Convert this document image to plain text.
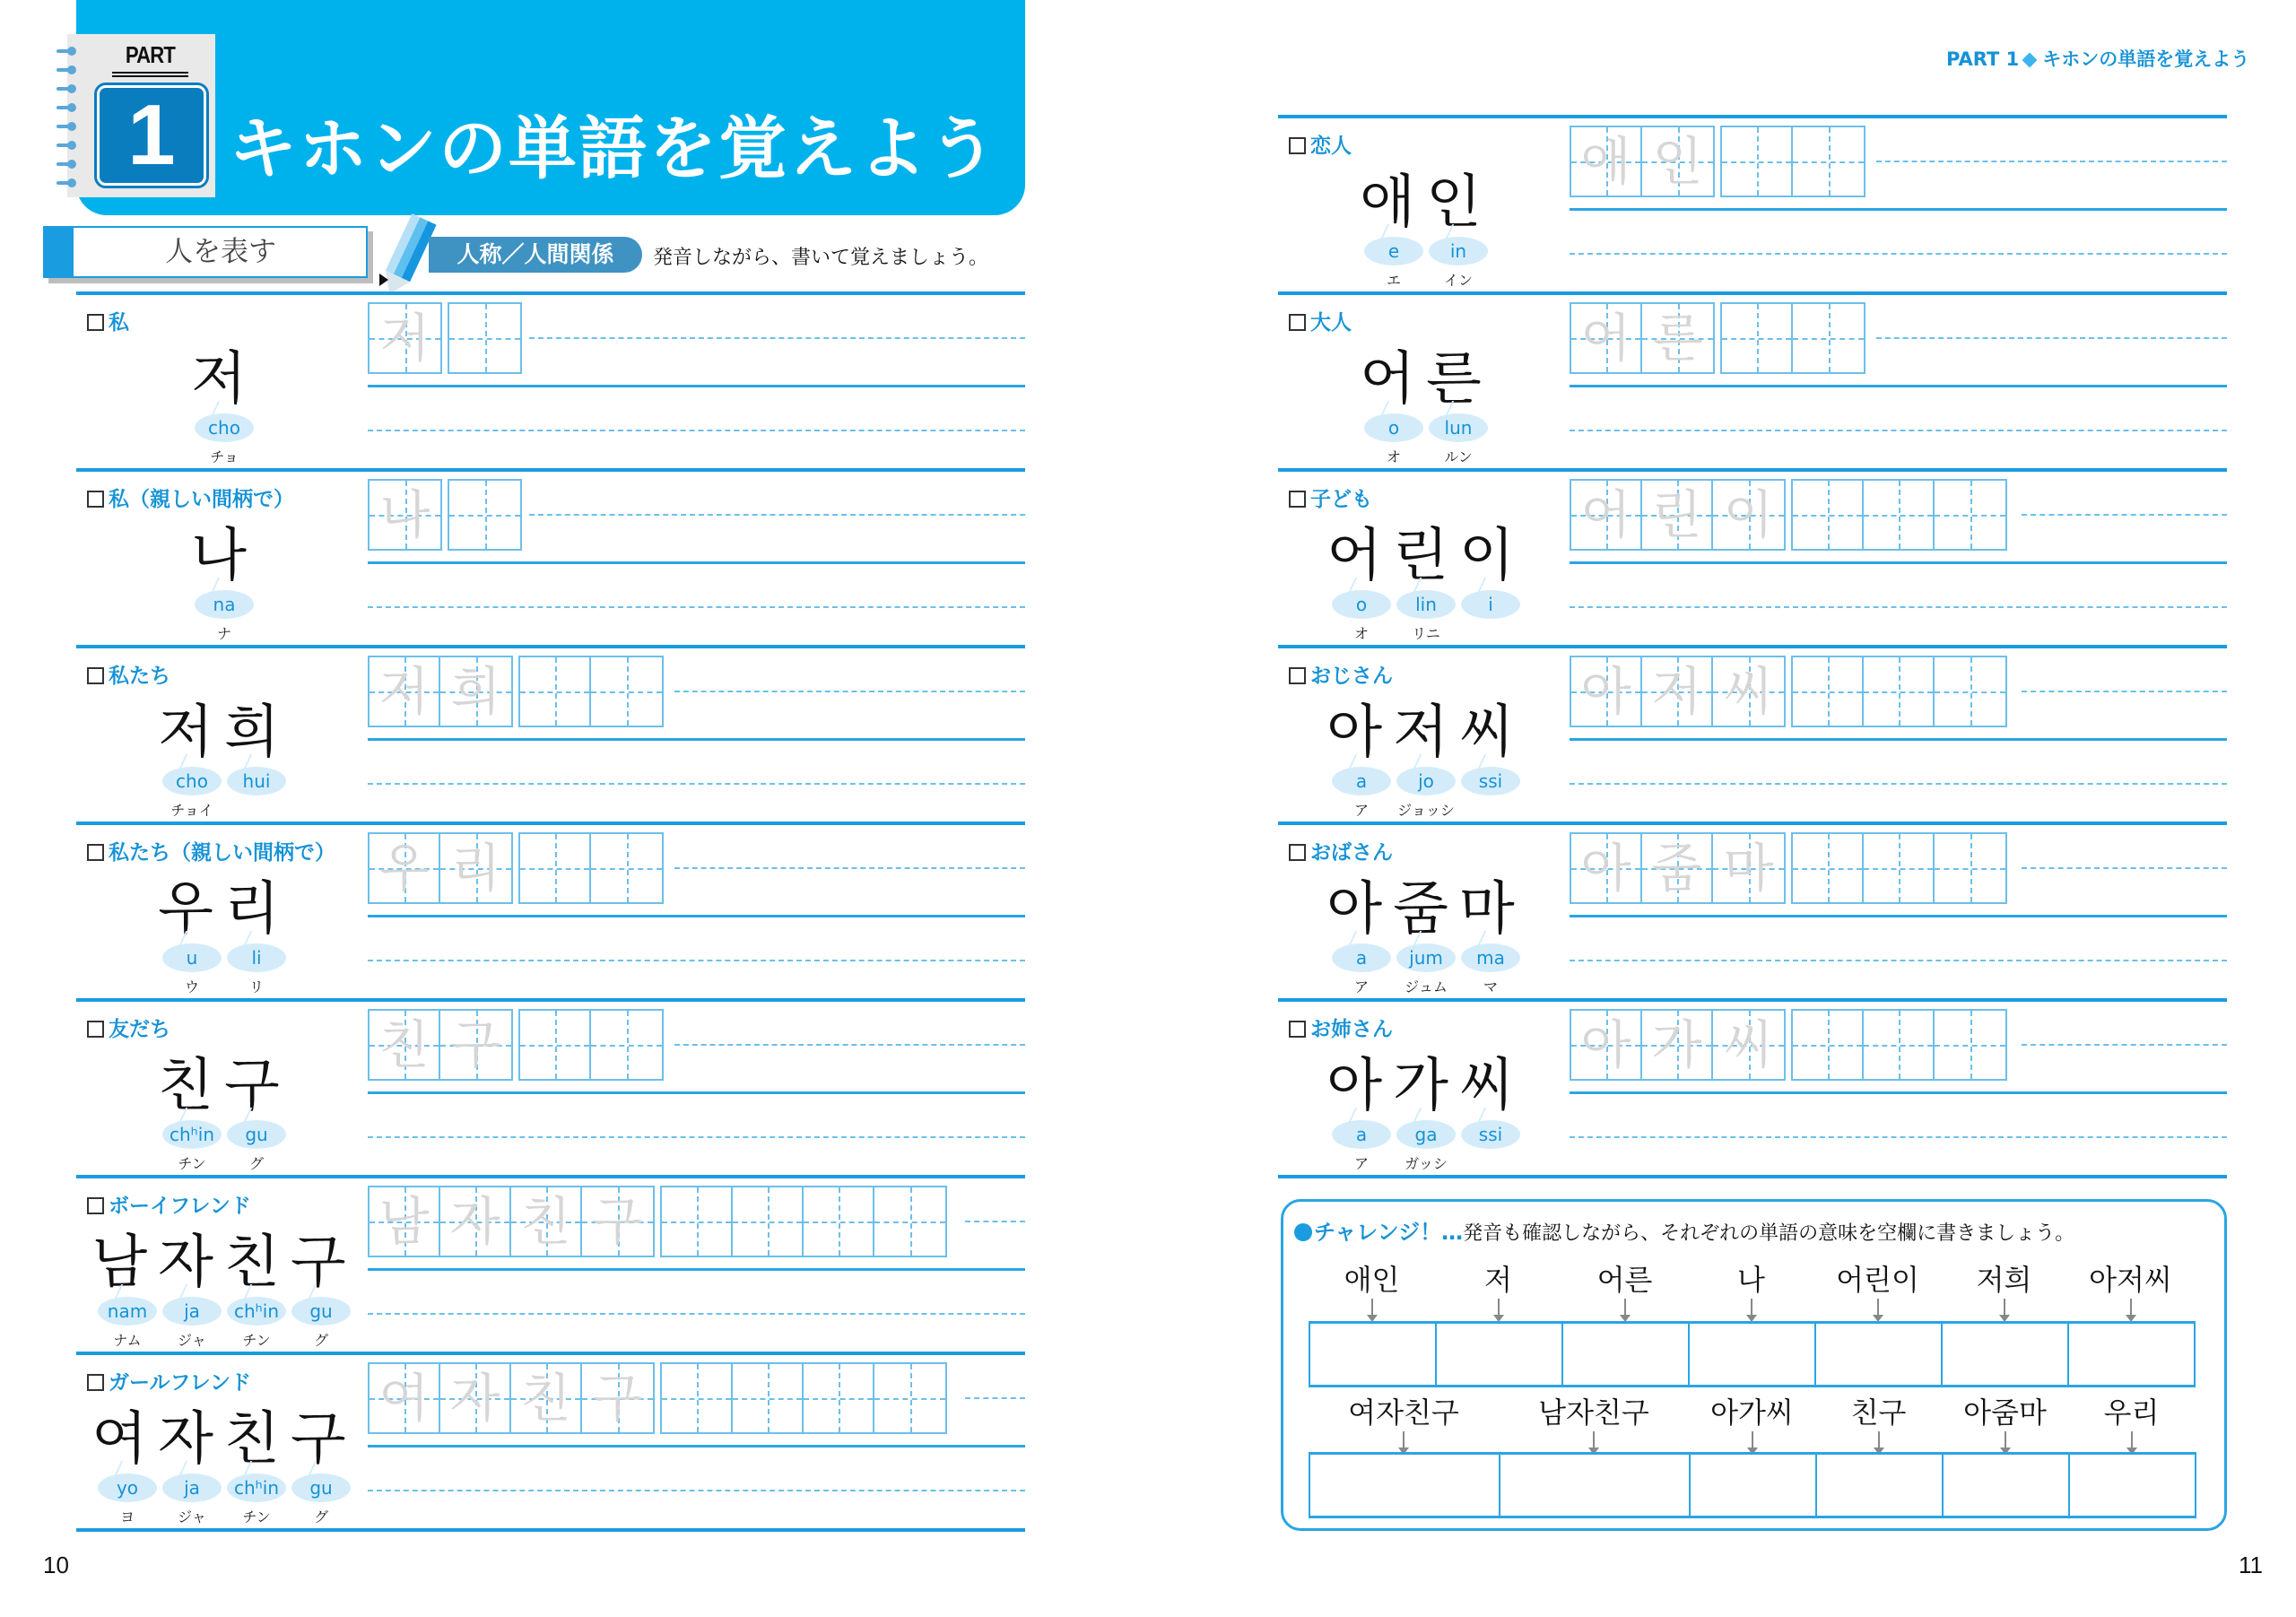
PART
1 キホンの単語を覚えよう
人を表す	人称／人間関係	発音しながら、書いて覚えましょう。
私
저
cho
チョ
저
私（親しい間柄で）
나
na
ナ
나
私たち
저희
cho	hui
チョイ
저 희
私たち（親しい間柄で）
우리
u	li
ウ	リ
우 리
友だち
친구
chʰin	gu
チン	グ
친 구
ボーイフレンド
남자친구
nam	ja	chʰin	gu
ナム	ジャ	チン	グ
남 자 친 구
ガールフレンド
여자친구
yo	ja	chʰin	gu
ヨ	ジャ	チン	グ
여 자 친 구
恋人
애인
e	in
エ	イン
애 인
大人
어른
o	lun
オ	ルン
어 른
子ども
어린이
o	lin	i
オ	リニ
어 린 이
おじさん
아저씨
a	jo	ssi
ア	ジョッシ
아 저 씨
おばさん
아줌마
a	jum	ma
ア	ジュム	マ
아 줌 마
お姉さん
아가씨
a	ga	ssi
ア	ガッシ
아 가 씨
10	11
PART 1 キホンの単語を覚えよう
チャレンジ！…発音も確認しながら、それぞれの単語の意味を空欄に書きましょう。
애인	저	어른	나	어린이	저희	아저씨
여자친구	남자친구	아가씨	친구	아줌마	우리
